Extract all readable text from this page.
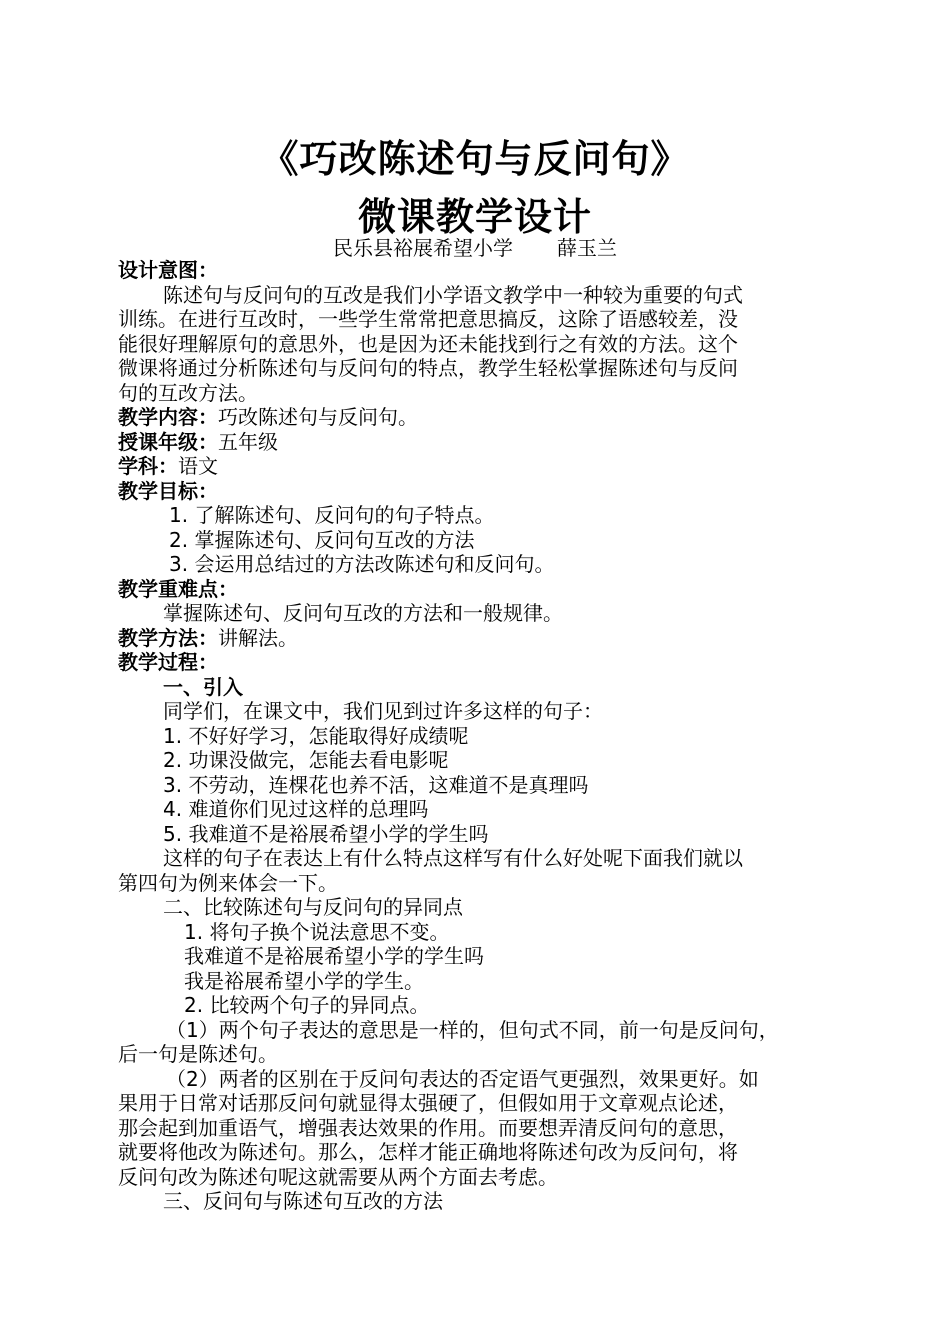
《巧改陈述句与反问句》
微课教学设计
民乐县裕展希望小学 薛玉兰

设计意图：

陈述句与反问句的互改是我们小学语文教学中一种较为重要的句式

训练。在进行互改时，一些学生常常把意思搞反，这除了语感较差，没

能很好理解原句的意思外，也是因为还未能找到行之有效的方法。这个

微课将通过分析陈述句与反问句的特点，教学生轻松掌握陈述句与反问

句的互改方法。

教学内容：巧改陈述句与反问句。

授课年级：五年级

学科：语文

教学目标：

1. 了解陈述句、反问句的句子特点。

2. 掌握陈述句、反问句互改的方法

3. 会运用总结过的方法改陈述句和反问句。

教学重难点：

掌握陈述句、反问句互改的方法和一般规律。

教学方法：讲解法。

教学过程：

一、引入

同学们，在课文中，我们见到过许多这样的句子：

1. 不好好学习，怎能取得好成绩呢

2. 功课没做完，怎能去看电影呢

3. 不劳动，连棵花也养不活，这难道不是真理吗

4. 难道你们见过这样的总理吗

5. 我难道不是裕展希望小学的学生吗

这样的句子在表达上有什么特点这样写有什么好处呢下面我们就以

第四句为例来体会一下。

二、比较陈述句与反问句的异同点

1. 将句子换个说法意思不变。

我难道不是裕展希望小学的学生吗

我是裕展希望小学的学生。

2. 比较两个句子的异同点。

（1）两个句子表达的意思是一样的，但句式不同，前一句是反问句，

后一句是陈述句。

（2）两者的区别在于反问句表达的否定语气更强烈，效果更好。如

果用于日常对话那反问句就显得太强硬了，但假如用于文章观点论述，

那会起到加重语气，增强表达效果的作用。而要想弄清反问句的意思，

就要将他改为陈述句。那么，怎样才能正确地将陈述句改为反问句，将

反问句改为陈述句呢这就需要从两个方面去考虑。

三、反问句与陈述句互改的方法
